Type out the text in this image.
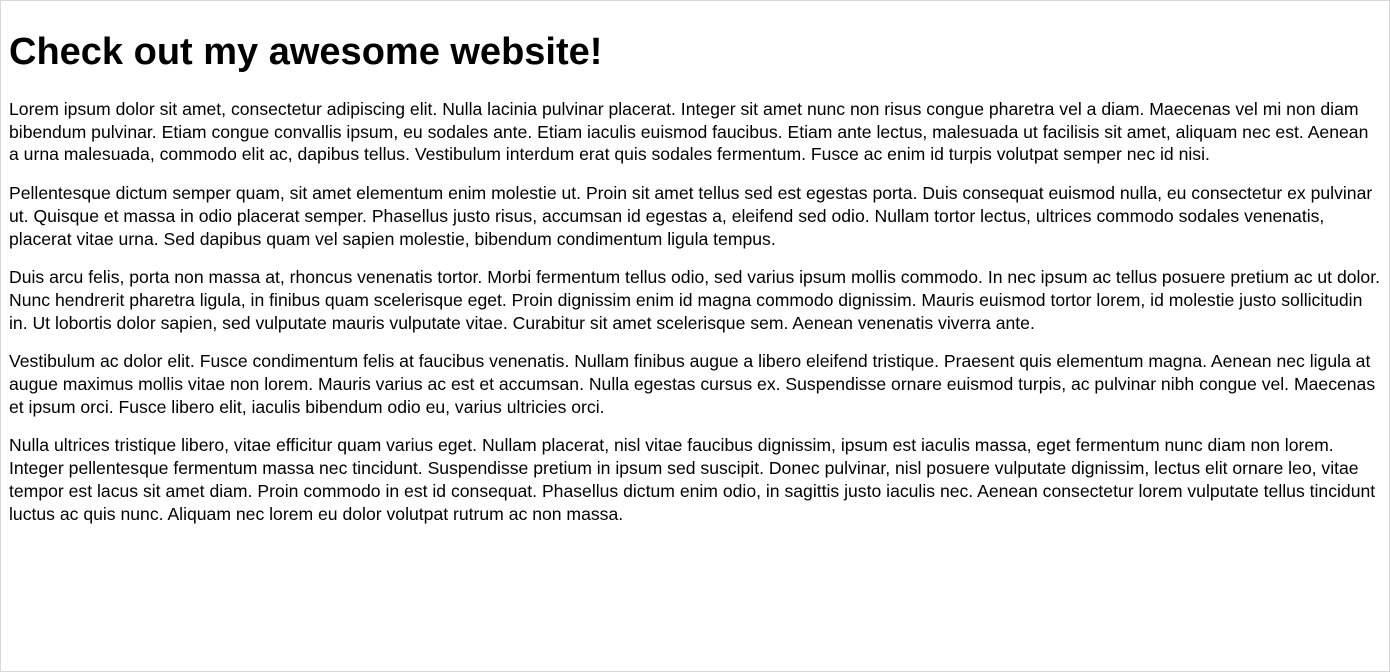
Check out my awesome website!

Lorem ipsum dolor sit amet, consectetur adipiscing elit. Nulla lacinia pulvinar placerat. Integer sit amet nunc non risus congue pharetra vel a diam. Maecenas vel mi non diam bibendum pulvinar. Etiam congue convallis ipsum, eu sodales ante. Etiam iaculis euismod faucibus. Etiam ante lectus, malesuada ut facilisis sit amet, aliquam nec est. Aenean a urna malesuada, commodo elit ac, dapibus tellus. Vestibulum interdum erat quis sodales fermentum. Fusce ac enim id turpis volutpat semper nec id nisi.

Pellentesque dictum semper quam, sit amet elementum enim molestie ut. Proin sit amet tellus sed est egestas porta. Duis consequat euismod nulla, eu consectetur ex pulvinar ut. Quisque et massa in odio placerat semper. Phasellus justo risus, accumsan id egestas a, eleifend sed odio. Nullam tortor lectus, ultrices commodo sodales venenatis, placerat vitae urna. Sed dapibus quam vel sapien molestie, bibendum condimentum ligula tempus.

Duis arcu felis, porta non massa at, rhoncus venenatis tortor. Morbi fermentum tellus odio, sed varius ipsum mollis commodo. In nec ipsum ac tellus posuere pretium ac ut dolor. Nunc hendrerit pharetra ligula, in finibus quam scelerisque eget. Proin dignissim enim id magna commodo dignissim. Mauris euismod tortor lorem, id molestie justo sollicitudin in. Ut lobortis dolor sapien, sed vulputate mauris vulputate vitae. Curabitur sit amet scelerisque sem. Aenean venenatis viverra ante.

Vestibulum ac dolor elit. Fusce condimentum felis at faucibus venenatis. Nullam finibus augue a libero eleifend tristique. Praesent quis elementum magna. Aenean nec ligula at augue maximus mollis vitae non lorem. Mauris varius ac est et accumsan. Nulla egestas cursus ex. Suspendisse ornare euismod turpis, ac pulvinar nibh congue vel. Maecenas et ipsum orci. Fusce libero elit, iaculis bibendum odio eu, varius ultricies orci.

Nulla ultrices tristique libero, vitae efficitur quam varius eget. Nullam placerat, nisl vitae faucibus dignissim, ipsum est iaculis massa, eget fermentum nunc diam non lorem. Integer pellentesque fermentum massa nec tincidunt. Suspendisse pretium in ipsum sed suscipit. Donec pulvinar, nisl posuere vulputate dignissim, lectus elit ornare leo, vitae tempor est lacus sit amet diam. Proin commodo in est id consequat. Phasellus dictum enim odio, in sagittis justo iaculis nec. Aenean consectetur lorem vulputate tellus tincidunt luctus ac quis nunc. Aliquam nec lorem eu dolor volutpat rutrum ac non massa.
